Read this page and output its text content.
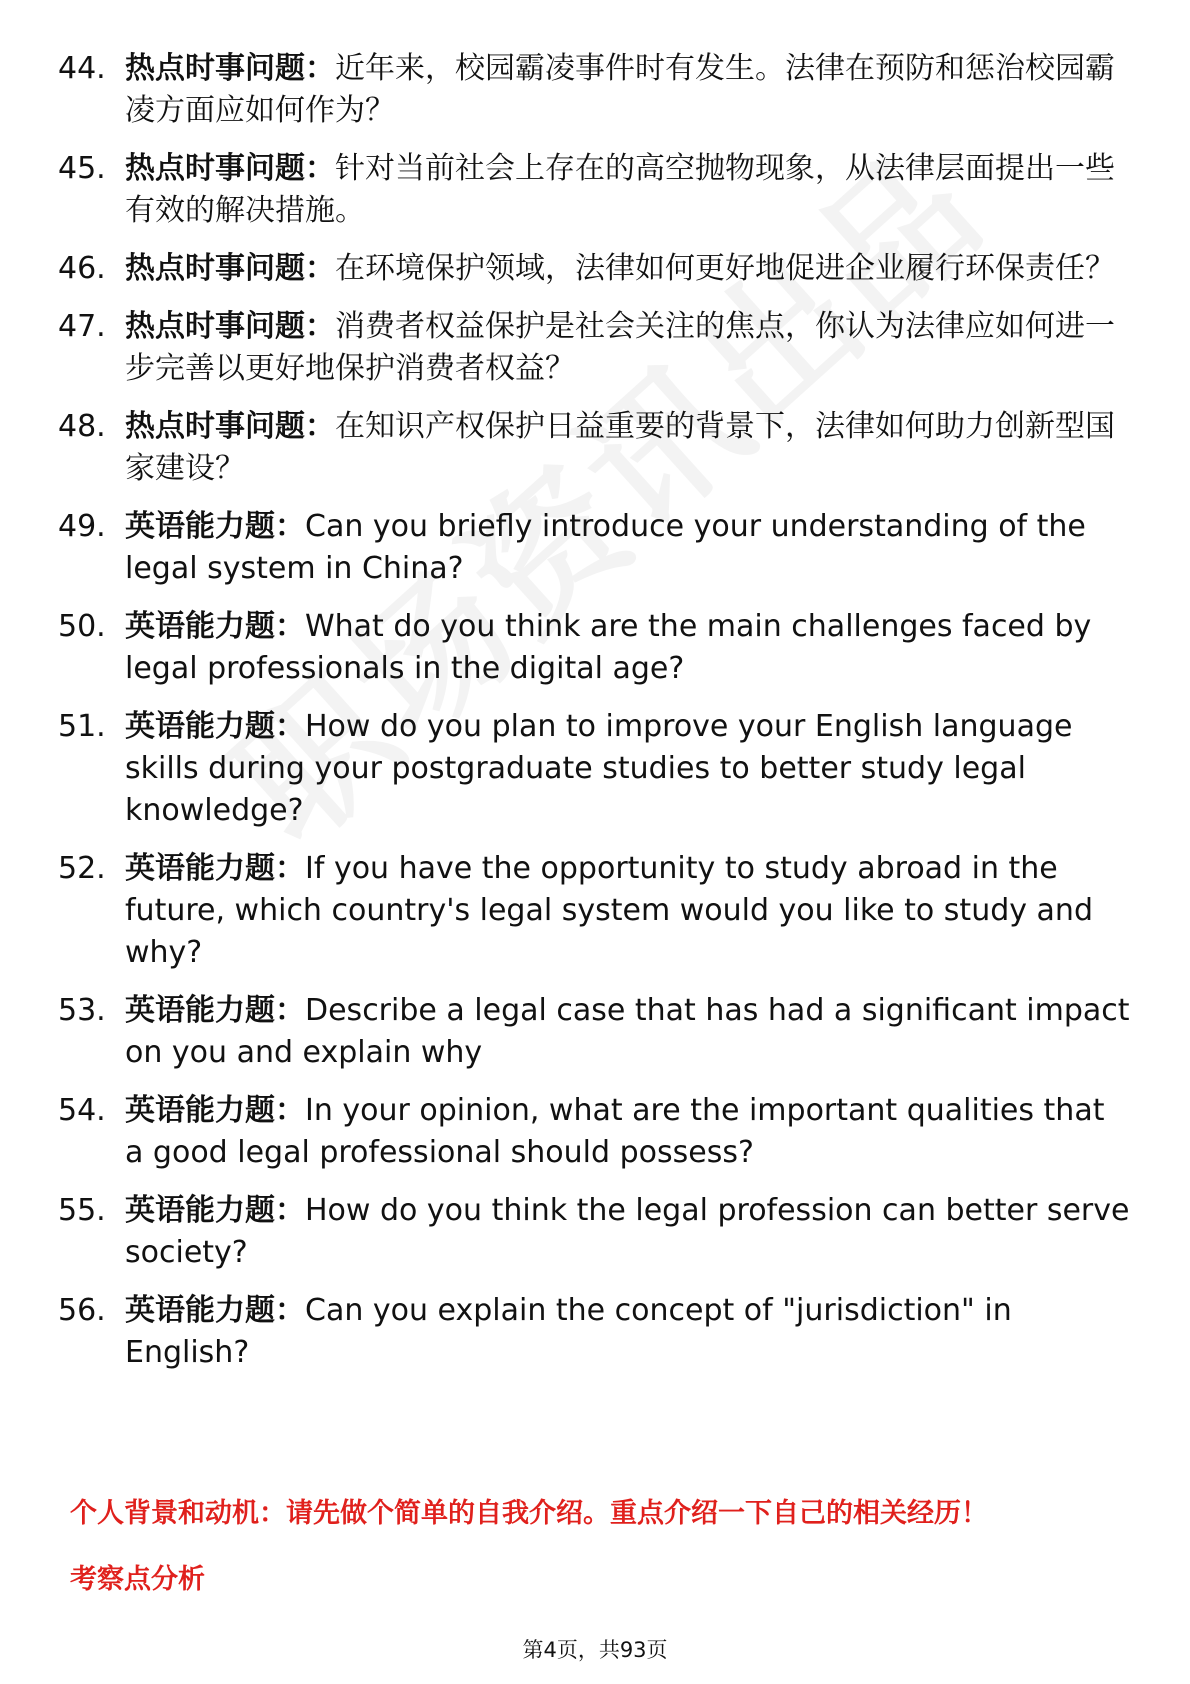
44. 热点时事问题：近年来，校园霸凌事件时有发生。法律在预防和惩治校园霸凌方面应如何作为？
45. 热点时事问题：针对当前社会上存在的高空抛物现象，从法律层面提出一些有效的解决措施。
46. 热点时事问题：在环境保护领域，法律如何更好地促进企业履行环保责任？
47. 热点时事问题：消费者权益保护是社会关注的焦点，你认为法律应如何进一步完善以更好地保护消费者权益？
48. 热点时事问题：在知识产权保护日益重要的背景下，法律如何助力创新型国家建设？
49. 英语能力题：Can you briefly introduce your understanding of the legal system in China?
50. 英语能力题：What do you think are the main challenges faced by legal professionals in the digital age?
51. 英语能力题：How do you plan to improve your English language skills during your postgraduate studies to better study legal knowledge?
52. 英语能力题：If you have the opportunity to study abroad in the future, which country's legal system would you like to study and why?
53. 英语能力题：Describe a legal case that has had a significant impact on you and explain why
54. 英语能力题：In your opinion, what are the important qualities that a good legal professional should possess?
55. 英语能力题：How do you think the legal profession can better serve society?
56. 英语能力题：Can you explain the concept of "jurisdiction" in English?
个人背景和动机：请先做个简单的自我介绍。重点介绍一下自己的相关经历！
考察点分析
第4页，共93页
